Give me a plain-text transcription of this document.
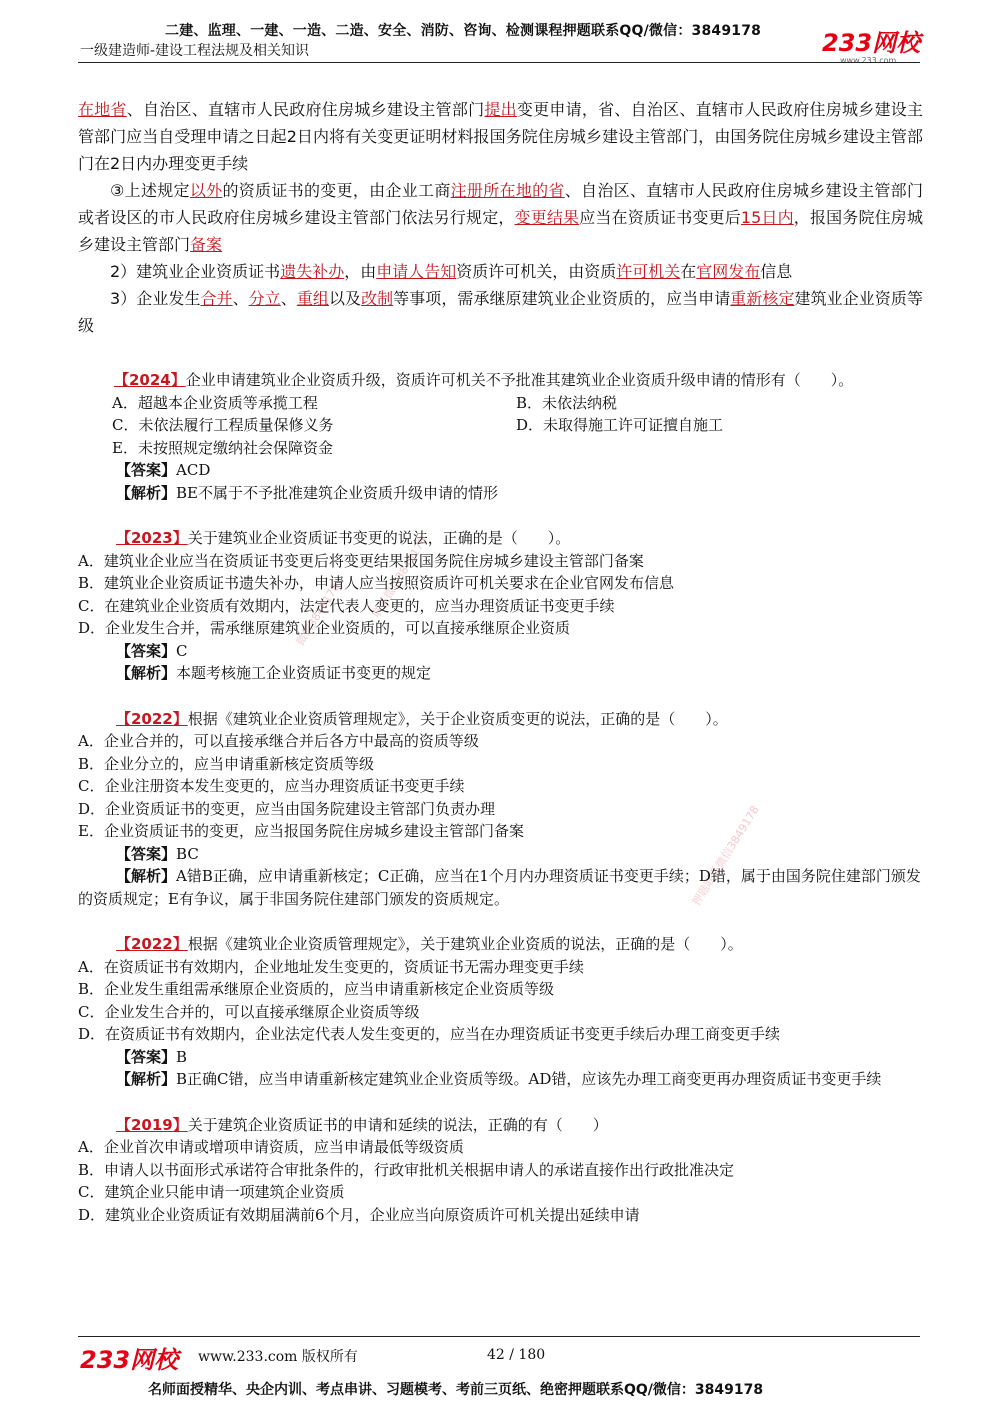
二建、监理、一建、一造、二造、安全、消防、咨询、检测课程押题联系QQ/微信：3849178
一级建造师-建设工程法规及相关知识	233网校
www.233.com
微信3849178 联系微信3849178
押题联系微信3849178

在地省、自治区、直辖市人民政府住房城乡建设主管部门提出变更申请，省、自治区、直辖市人民政府住房城乡建设主管部门应当自受理申请之日起2日内将有关变更证明材料报国务院住房城乡建设主管部门，由国务院住房城乡建设主管部门在2日内办理变更手续

③上述规定以外的资质证书的变更，由企业工商注册所在地的省、自治区、直辖市人民政府住房城乡建设主管部门或者设区的市人民政府住房城乡建设主管部门依法另行规定，变更结果应当在资质证书变更后15日内，报国务院住房城乡建设主管部门备案

2）建筑业企业资质证书遗失补办，由申请人告知资质许可机关，由资质许可机关在官网发布信息

3）企业发生合并、分立、重组以及改制等事项，需承继原建筑业企业资质的，应当申请重新核定建筑业企业资质等级

【2024】企业申请建筑业企业资质升级，资质许可机关不予批准其建筑业企业资质升级申请的情形有（　　）。
A．超越本企业资质等承揽工程	B．未依法纳税
C．未依法履行工程质量保修义务	D．未取得施工许可证擅自施工
E．未按照规定缴纳社会保障资金
【答案】ACD
【解析】BE不属于不予批准建筑企业资质升级申请的情形
【2023】关于建筑业企业资质证书变更的说法，正确的是（　　）。
A．建筑业企业应当在资质证书变更后将变更结果报国务院住房城乡建设主管部门备案
B．建筑业企业资质证书遗失补办，申请人应当按照资质许可机关要求在企业官网发布信息
C．在建筑业企业资质有效期内，法定代表人变更的，应当办理资质证书变更手续
D．企业发生合并，需承继原建筑业企业资质的，可以直接承继原企业资质
【答案】C
【解析】本题考核施工企业资质证书变更的规定
【2022】根据《建筑业企业资质管理规定》，关于企业资质变更的说法，正确的是（　　）。
A．企业合并的，可以直接承继合并后各方中最高的资质等级
B．企业分立的，应当申请重新核定资质等级
C．企业注册资本发生变更的，应当办理资质证书变更手续
D．企业资质证书的变更，应当由国务院建设主管部门负责办理
E．企业资质证书的变更，应当报国务院住房城乡建设主管部门备案
【答案】BC
【解析】A错B正确，应申请重新核定；C正确，应当在1个月内办理资质证书变更手续；D错，属于由国务院住建部门颁发的资质规定；E有争议，属于非国务院住建部门颁发的资质规定。
【2022】根据《建筑业企业资质管理规定》，关于建筑业企业资质的说法，正确的是（　　）。
A．在资质证书有效期内，企业地址发生变更的，资质证书无需办理变更手续
B．企业发生重组需承继原企业资质的，应当申请重新核定企业资质等级
C．企业发生合并的，可以直接承继原企业资质等级
D．在资质证书有效期内，企业法定代表人发生变更的，应当在办理资质证书变更手续后办理工商变更手续
【答案】B
【解析】B正确C错，应当申请重新核定建筑业企业资质等级。AD错，应该先办理工商变更再办理资质证书变更手续
【2019】关于建筑企业资质证书的申请和延续的说法，正确的有（　　）
A．企业首次申请或增项申请资质，应当申请最低等级资质
B．申请人以书面形式承诺符合审批条件的，行政审批机关根据申请人的承诺直接作出行政批准决定
C．建筑企业只能申请一项建筑企业资质
D．建筑业企业资质证有效期届满前6个月，企业应当向原资质许可机关提出延续申请
233网校 www.233.com 版权所有	42 / 180
名师面授精华、央企内训、考点串讲、习题模考、考前三页纸、绝密押题联系QQ/微信：3849178
